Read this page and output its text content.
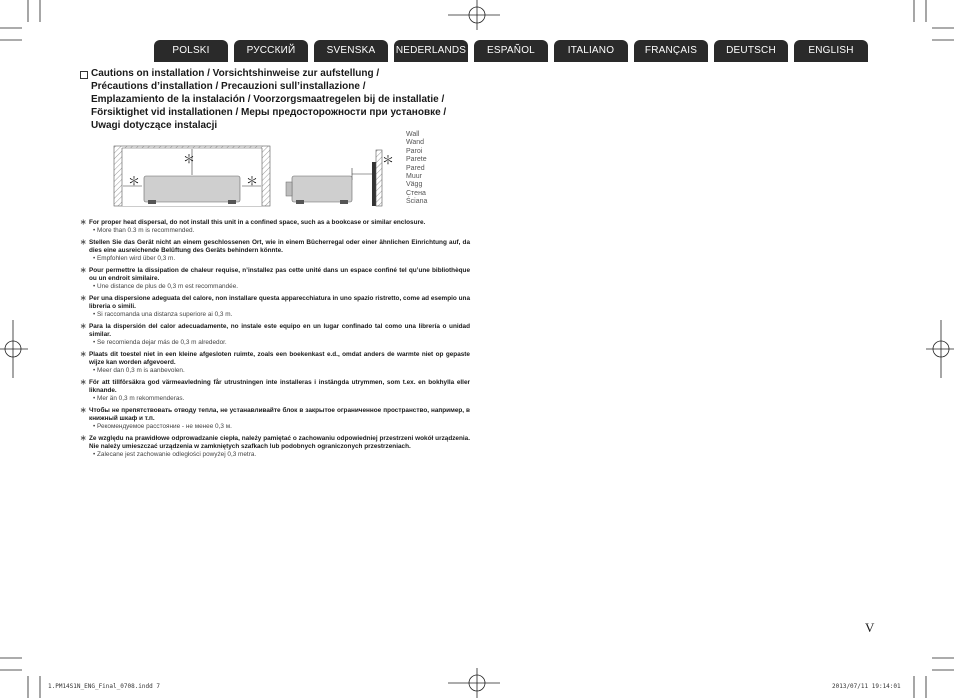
POLSKI	РУССКИЙ	SVENSKA	NEDERLANDS	ESPAÑOL	ITALIANO	FRANÇAIS	DEUTSCH	ENGLISH
Cautions on installation / Vorsichtshinweise zur aufstellung /
Précautions d’installation / Precauzioni sull’installazione /
Emplazamiento de la instalación / Voorzorgsmaatregelen bij de installatie /
Försiktighet vid installationen / Меры предосторожности при установке /
Uwagi dotyczące instalacji
＊
＊	＊
＊
Wall
Wand
Paroi
Parete
Pared
Muur
Vägg
Стена
Ściana
＊ For proper heat dispersal, do not install this unit in a confined space, such as a bookcase or similar enclosure.
• More than 0.3 m is recommended.
＊ Stellen Sie das Gerät nicht an einem geschlossenen Ort, wie in einem Bücherregal oder einer ähnlichen Einrichtung auf, da dies eine ausreichende Belüftung des Geräts behindern könnte.
• Empfohlen wird über 0,3 m.
＊ Pour permettre la dissipation de chaleur requise, n’installez pas cette unité dans un espace confiné tel qu’une bibliothèque ou un endroit similaire.
• Une distance de plus de 0,3 m est recommandée.
＊ Per una dispersione adeguata del calore, non installare questa apparecchiatura in uno spazio ristretto, come ad esempio una libreria o simili.
• Si raccomanda una distanza superiore ai 0,3 m.
＊ Para la dispersión del calor adecuadamente, no instale este equipo en un lugar confinado tal como una librería o unidad similar.
• Se recomienda dejar más de 0,3 m alrededor.
＊ Plaats dit toestel niet in een kleine afgesloten ruimte, zoals een boekenkast e.d., omdat anders de warmte niet op gepaste wijze kan worden afgevoerd.
• Meer dan 0,3 m is aanbevolen.
＊ För att tillförsäkra god värmeavledning får utrustningen inte installeras i instängda utrymmen, som t.ex. en bokhylla eller liknande.
• Mer än 0,3 m rekommenderas.
＊ Чтобы не препятствовать отводу тепла, не устанавливайте блок в закрытое ограниченное пространство, например, в книжный шкаф и т.п.
• Рекомендуемое расстояние - не менее 0,3 м.
＊ Ze względu na prawidłowe odprowadzanie ciepła, należy pamiętać o zachowaniu odpowiedniej przestrzeni wokół urządzenia. Nie należy umieszczać urządzenia w zamkniętych szafkach lub podobnych ograniczonych przestrzeniach.
• Zalecane jest zachowanie odległości powyżej 0,3 metra.
V
1.PM14S1N_ENG_Final_0708.indd 7	2013/07/11 19:14:01
